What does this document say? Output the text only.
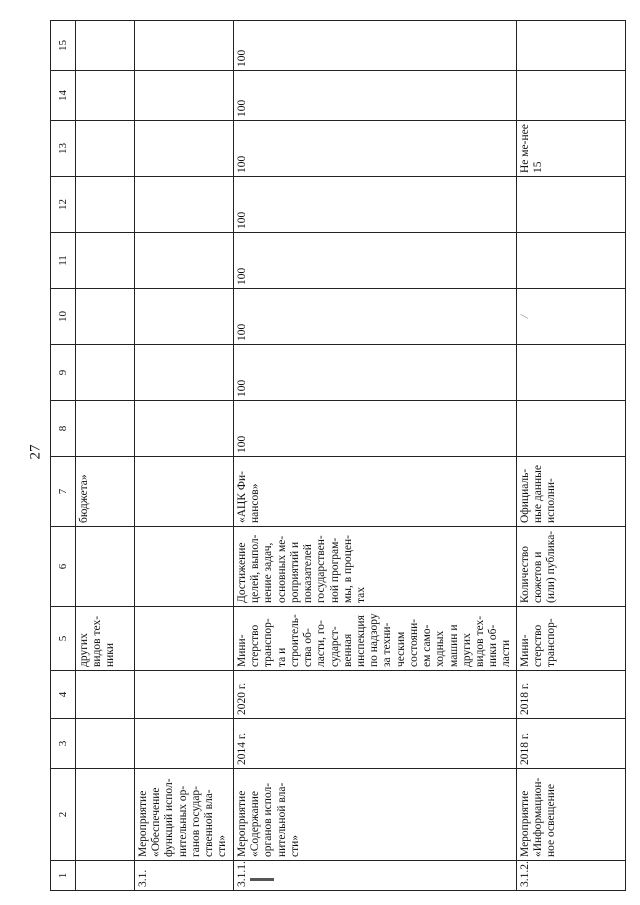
27
1	2	3	4	5	6	7	8	9	10	11	12	13	14	15
				других видов тех-ники		бюджета»								
3.1.	Мероприятие «Обеспечение функций испол-нительных ор-ганов государ-ственной вла-сти»													
3.1.1.	Мероприятие «Содержание органов испол-нительной вла-сти»	2014 г.	2020 г.	Мини-стерство транспор-та и строитель-ства об-ласти, го-сударст-венная инспекция по надзору за техни-ческим состояни-ем само-ходных машин и других видов тех-ники об-ласти	Достижение целей, выпол-нение задач, основных ме-роприятий и показателей государствен-ной програм-мы, в процен-тах	«АЦК Фи-нансов»	100	100	100	100	100	100	100	100
3.1.2.	Мероприятие «Информацион-ное освещение	2018 г.	2018 г.	Мини-стерство транспор-	Количество сюжетов и (или) публика-	Официаль-ные данные исполни-			/			Не ме-нее 15		
